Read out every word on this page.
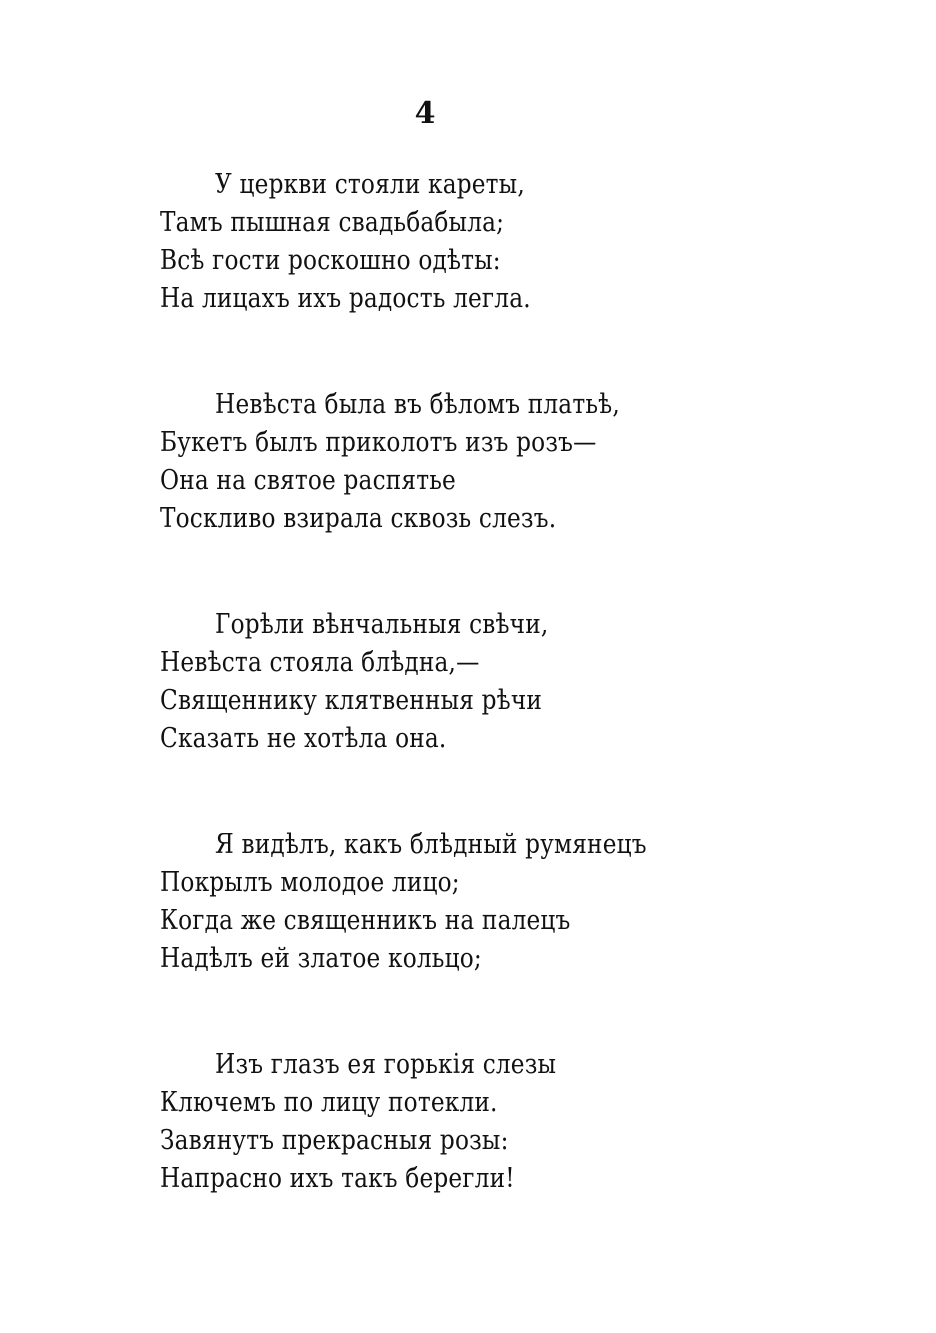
4
У церкви стояли кареты,
Тамъ пышная свадьбабыла;
Всѣ гости роскошно одѣты:
На лицахъ ихъ радость легла.
Невѣста была въ бѣломъ платьѣ,
Букетъ былъ приколотъ изъ розъ—
Она на святое распятье
Тоскливо взирала сквозь слезъ.
Горѣли вѣнчальныя свѣчи,
Невѣста стояла блѣдна,—
Священнику клятвенныя рѣчи
Сказать не хотѣла она.
Я видѣлъ, какъ блѣдный румянецъ
Покрылъ молодое лицо;
Когда же священникъ на палецъ
Надѣлъ ей златое кольцо;
Изъ глазъ ея горькія слезы
Ключемъ по лицу потекли.
Завянутъ прекрасныя розы:
Напрасно ихъ такъ берегли!
